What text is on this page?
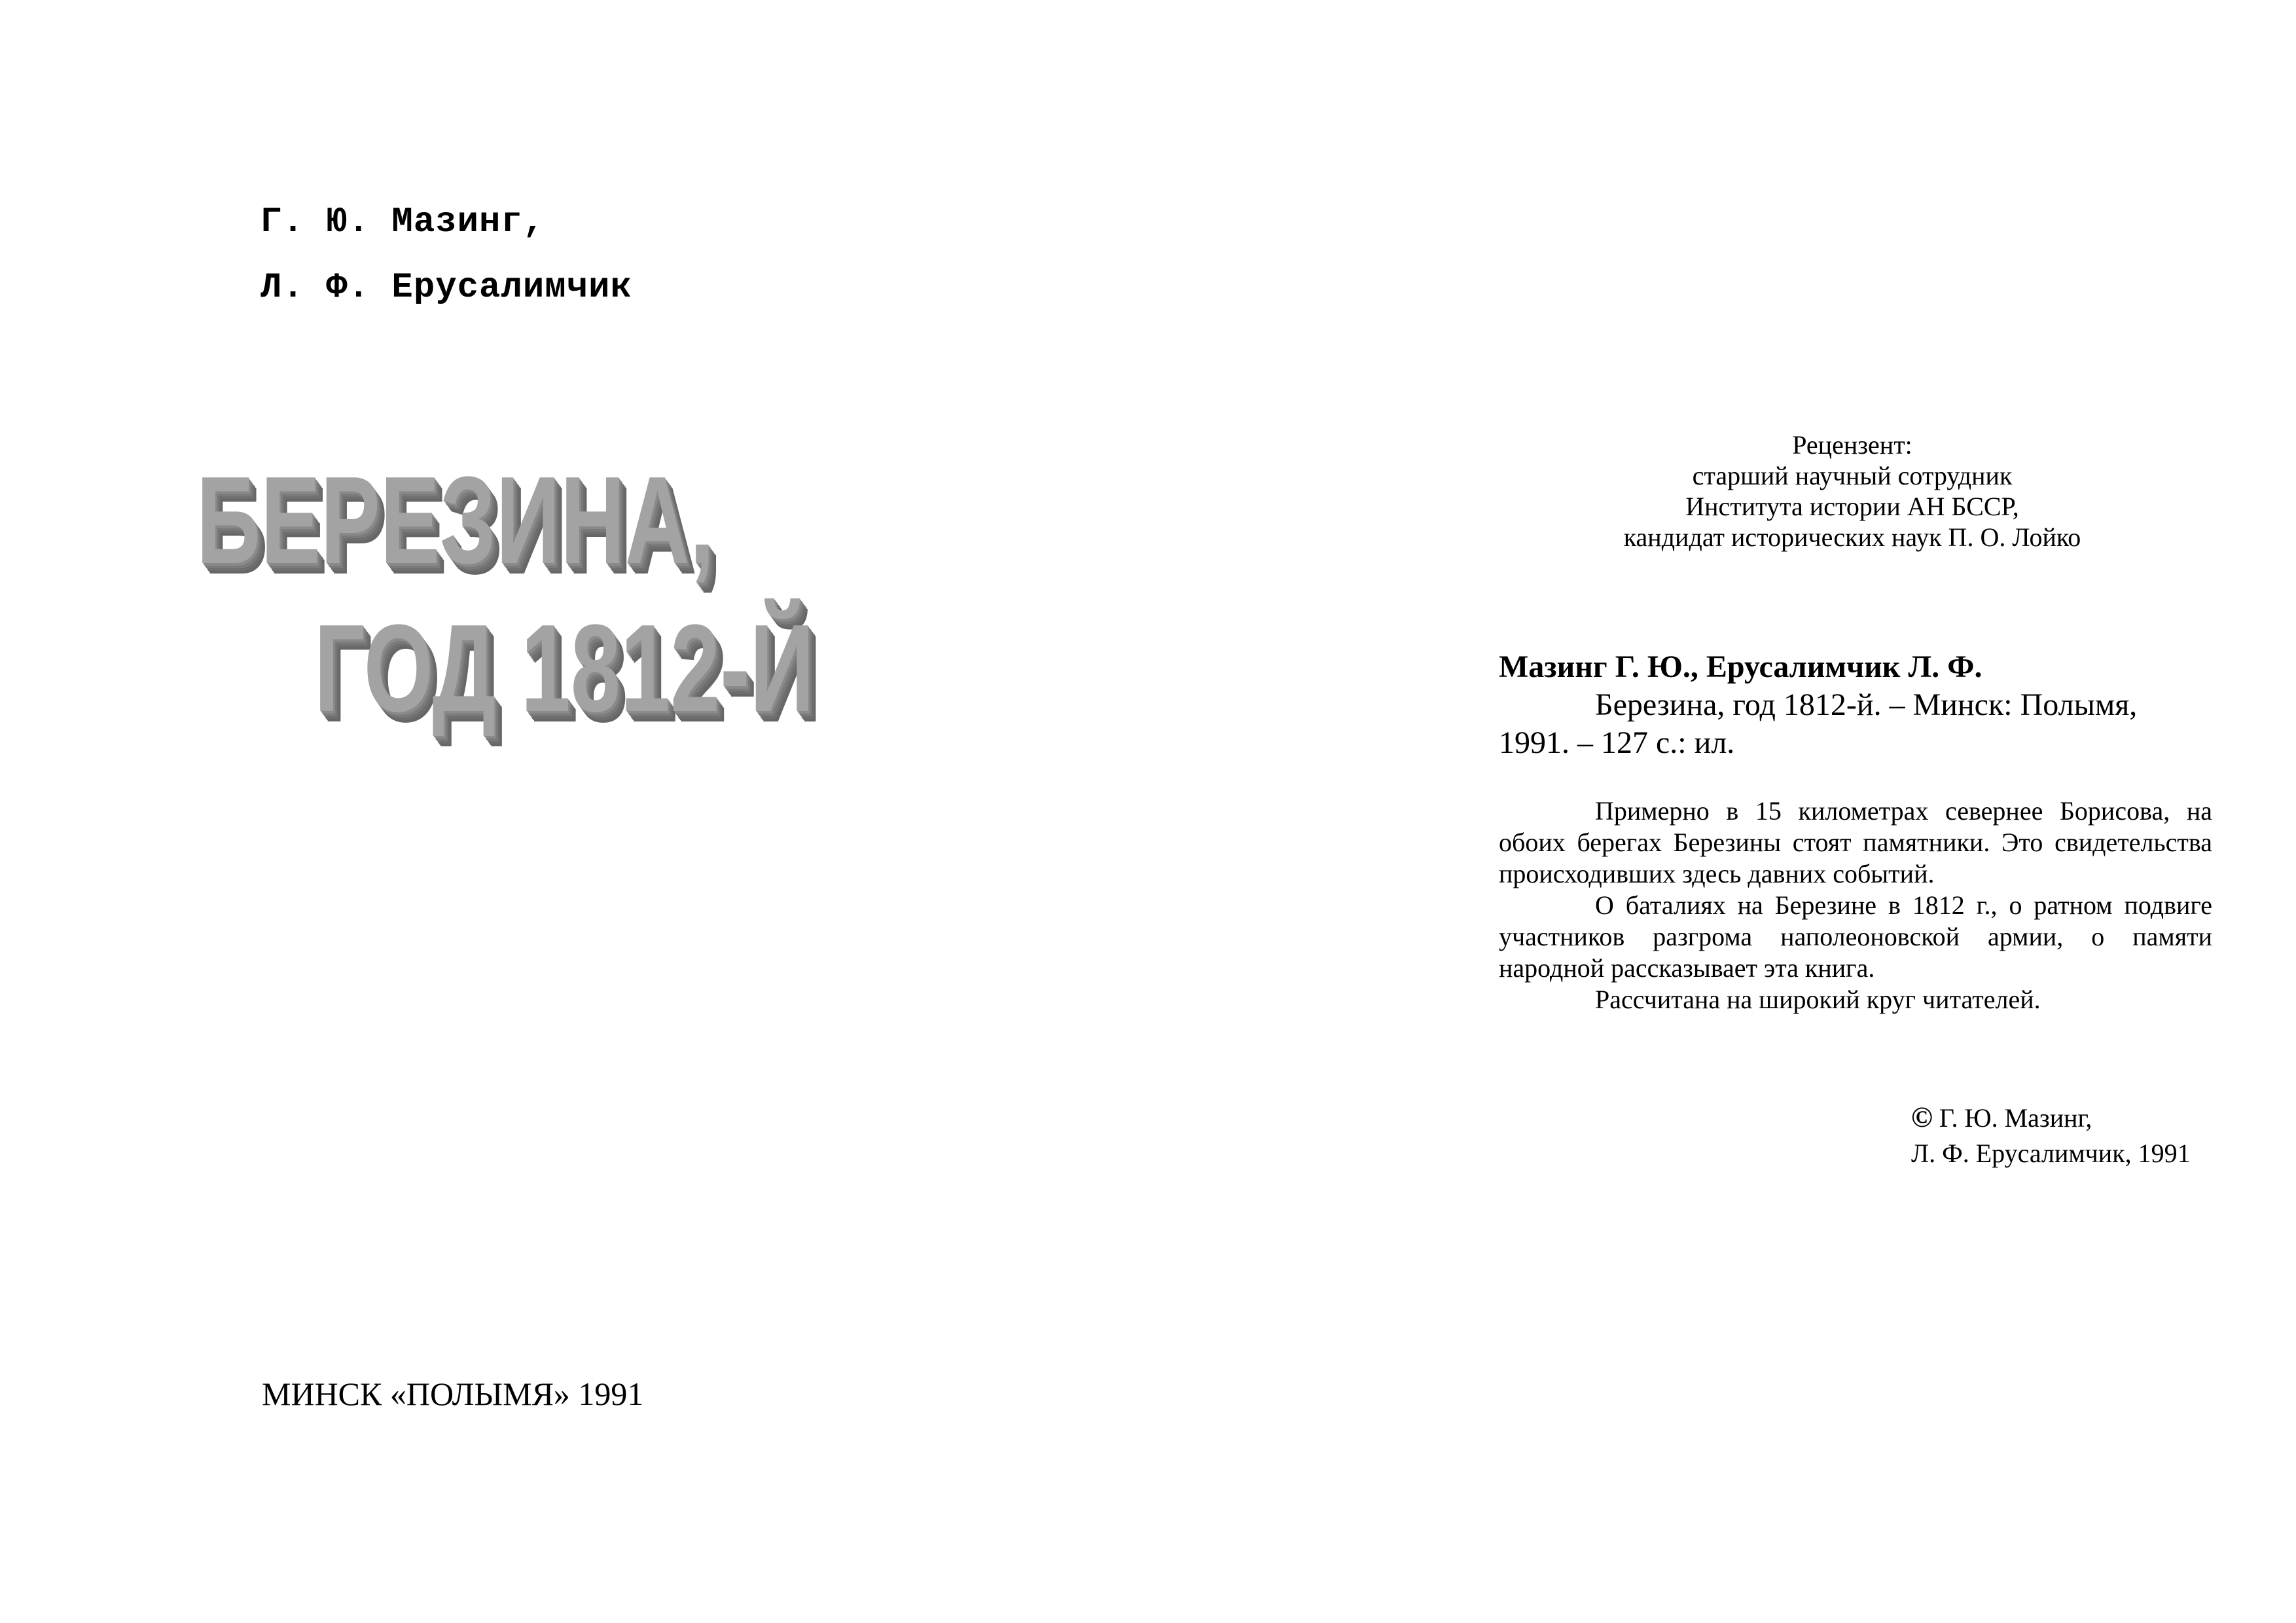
Г. Ю. Мазинг,
Л. Ф. Ерусалимчик
БЕРЕЗИНА,
ГОД 1812-Й
МИНСК «ПОЛЫМЯ» 1991
Рецензент:
старший научный сотрудник
Института истории АН БССР,
кандидат исторических наук П. О. Лойко
Мазинг Г. Ю., Ерусалимчик Л. Ф.
Березина, год 1812-й. – Минск: Полымя, 1991. – 127 с.: ил.

Примерно в 15 километрах севернее Борисова, на обоих берегах Березины стоят памятники. Это свидетельства происходивших здесь давних событий.

О баталиях на Березине в 1812 г., о ратном подвиге участников разгрома наполеоновской армии, о памяти народной рассказывает эта книга.

Рассчитана на широкий круг читателей.

© Г. Ю. Мазинг,
Л. Ф. Ерусалимчик, 1991
